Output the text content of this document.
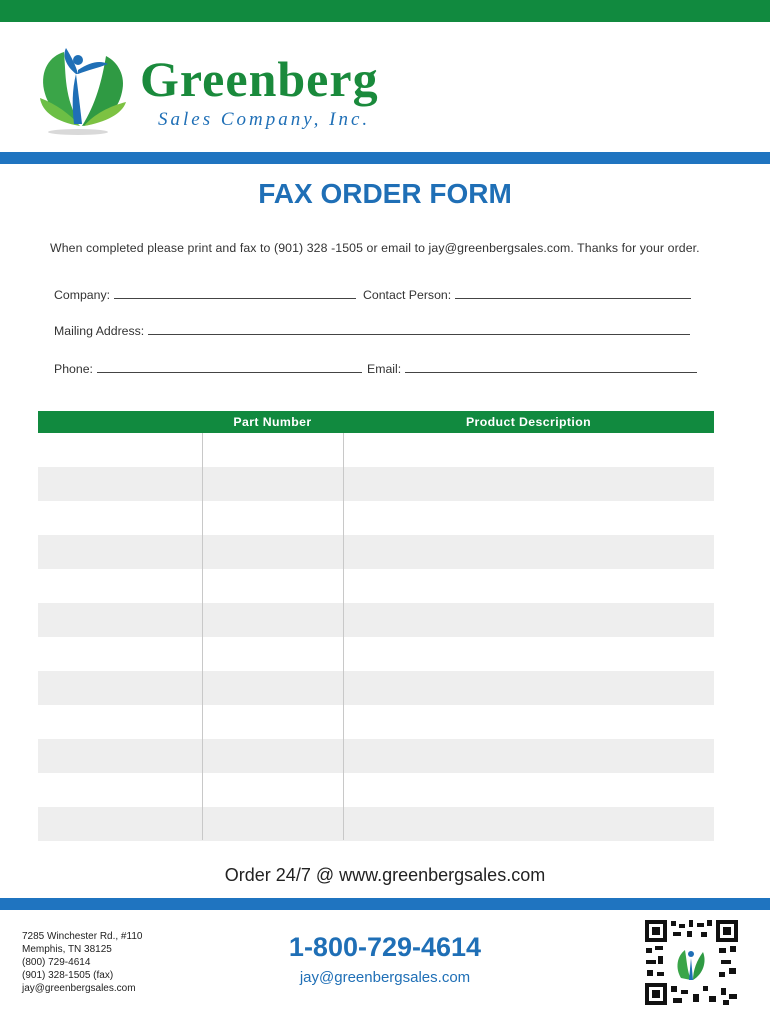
Greenberg
Sales Company, Inc.
FAX ORDER FORM
When completed please print and fax to (901) 328 -1505 or email to jay@greenbergsales.com. Thanks for your order.
Company:	Contact Person:
Mailing Address:
Phone:	Email:
Part Number	Product Description
Order 24/7 @ www.greenbergsales.com
7285 Winchester Rd., #110
Memphis, TN 38125
(800) 729-4614
(901) 328-1505 (fax)
jay@greenbergsales.com
1-800-729-4614
jay@greenbergsales.com
